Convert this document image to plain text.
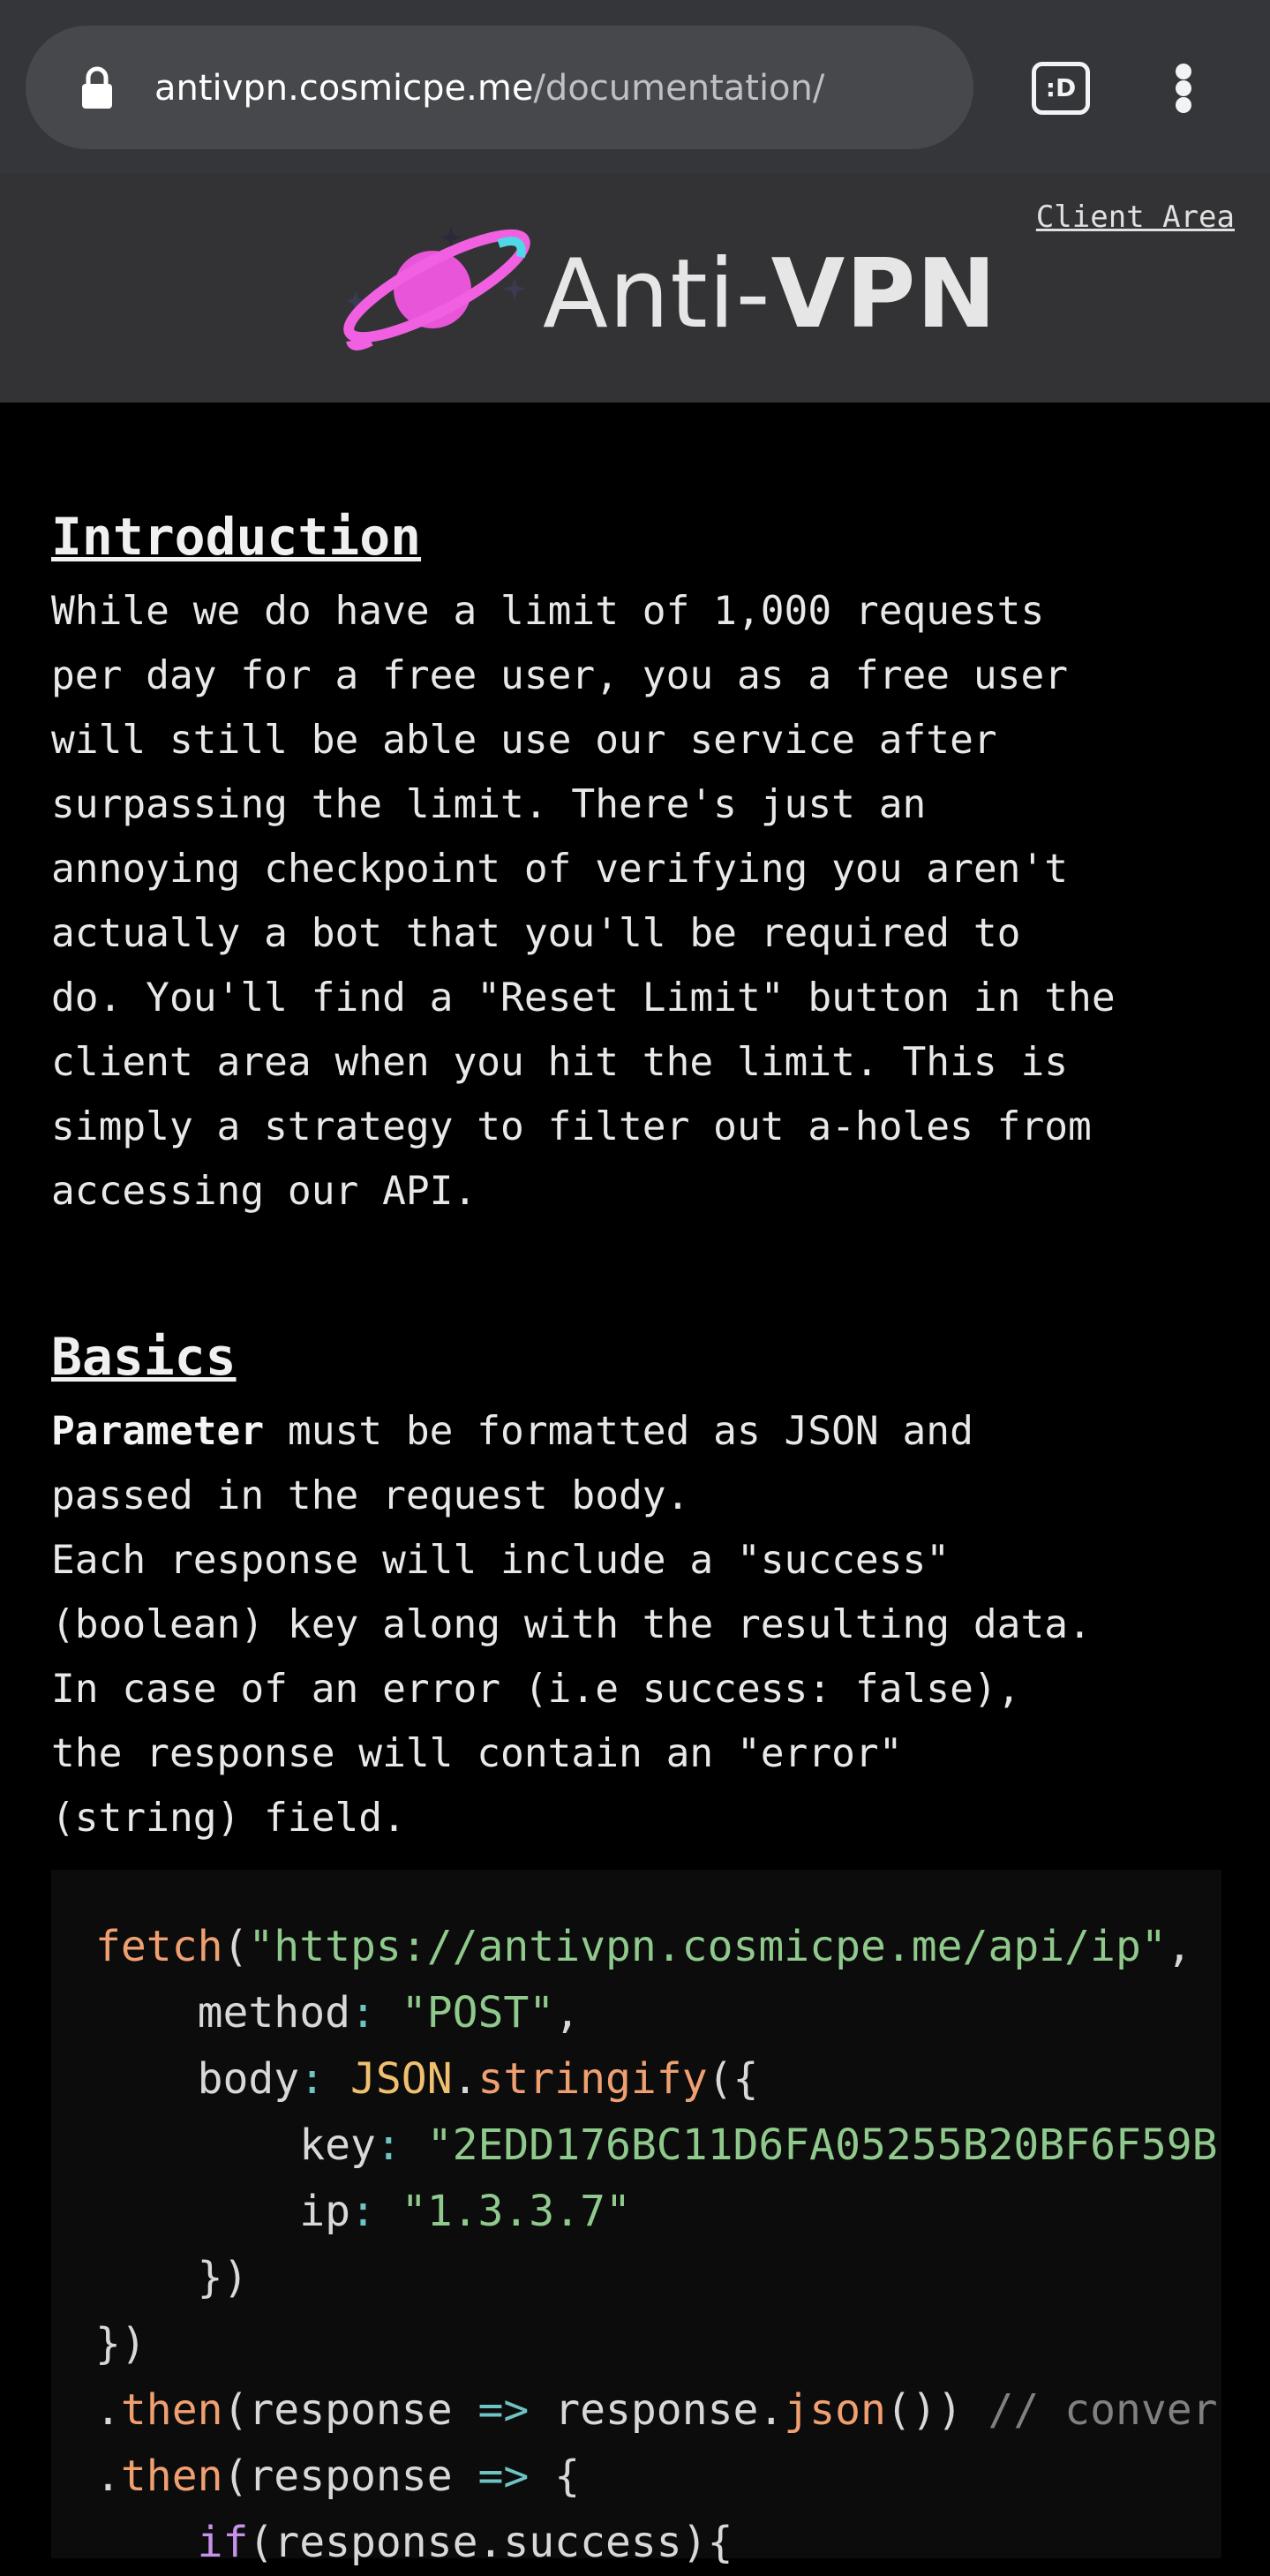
antivpn.cosmicpe.me/documentation/	:D
Client Area
Anti-VPN
Introduction

While we do have a limit of 1,000 requests
per day for a free user, you as a free user
will still be able use our service after
surpassing the limit. There's just an
annoying checkpoint of verifying you aren't
actually a bot that you'll be required to
do. You'll find a "Reset Limit" button in the
client area when you hit the limit. This is
simply a strategy to filter out a-holes from
accessing our API.

Basics

Parameter must be formatted as JSON and
passed in the request body.
Each response will include a "success"
(boolean) key along with the resulting data.
In case of an error (i.e success: false),
the response will contain an "error"
(string) field.

fetch("https://antivpn.cosmicpe.me/api/ip",
method: "POST",
body: JSON.stringify({
key: "2EDD176BC11D6FA05255B20BF6F59B
ip: "1.3.3.7"
})
})
.then(response => response.json()) // conver
.then(response => {
if(response.success){
